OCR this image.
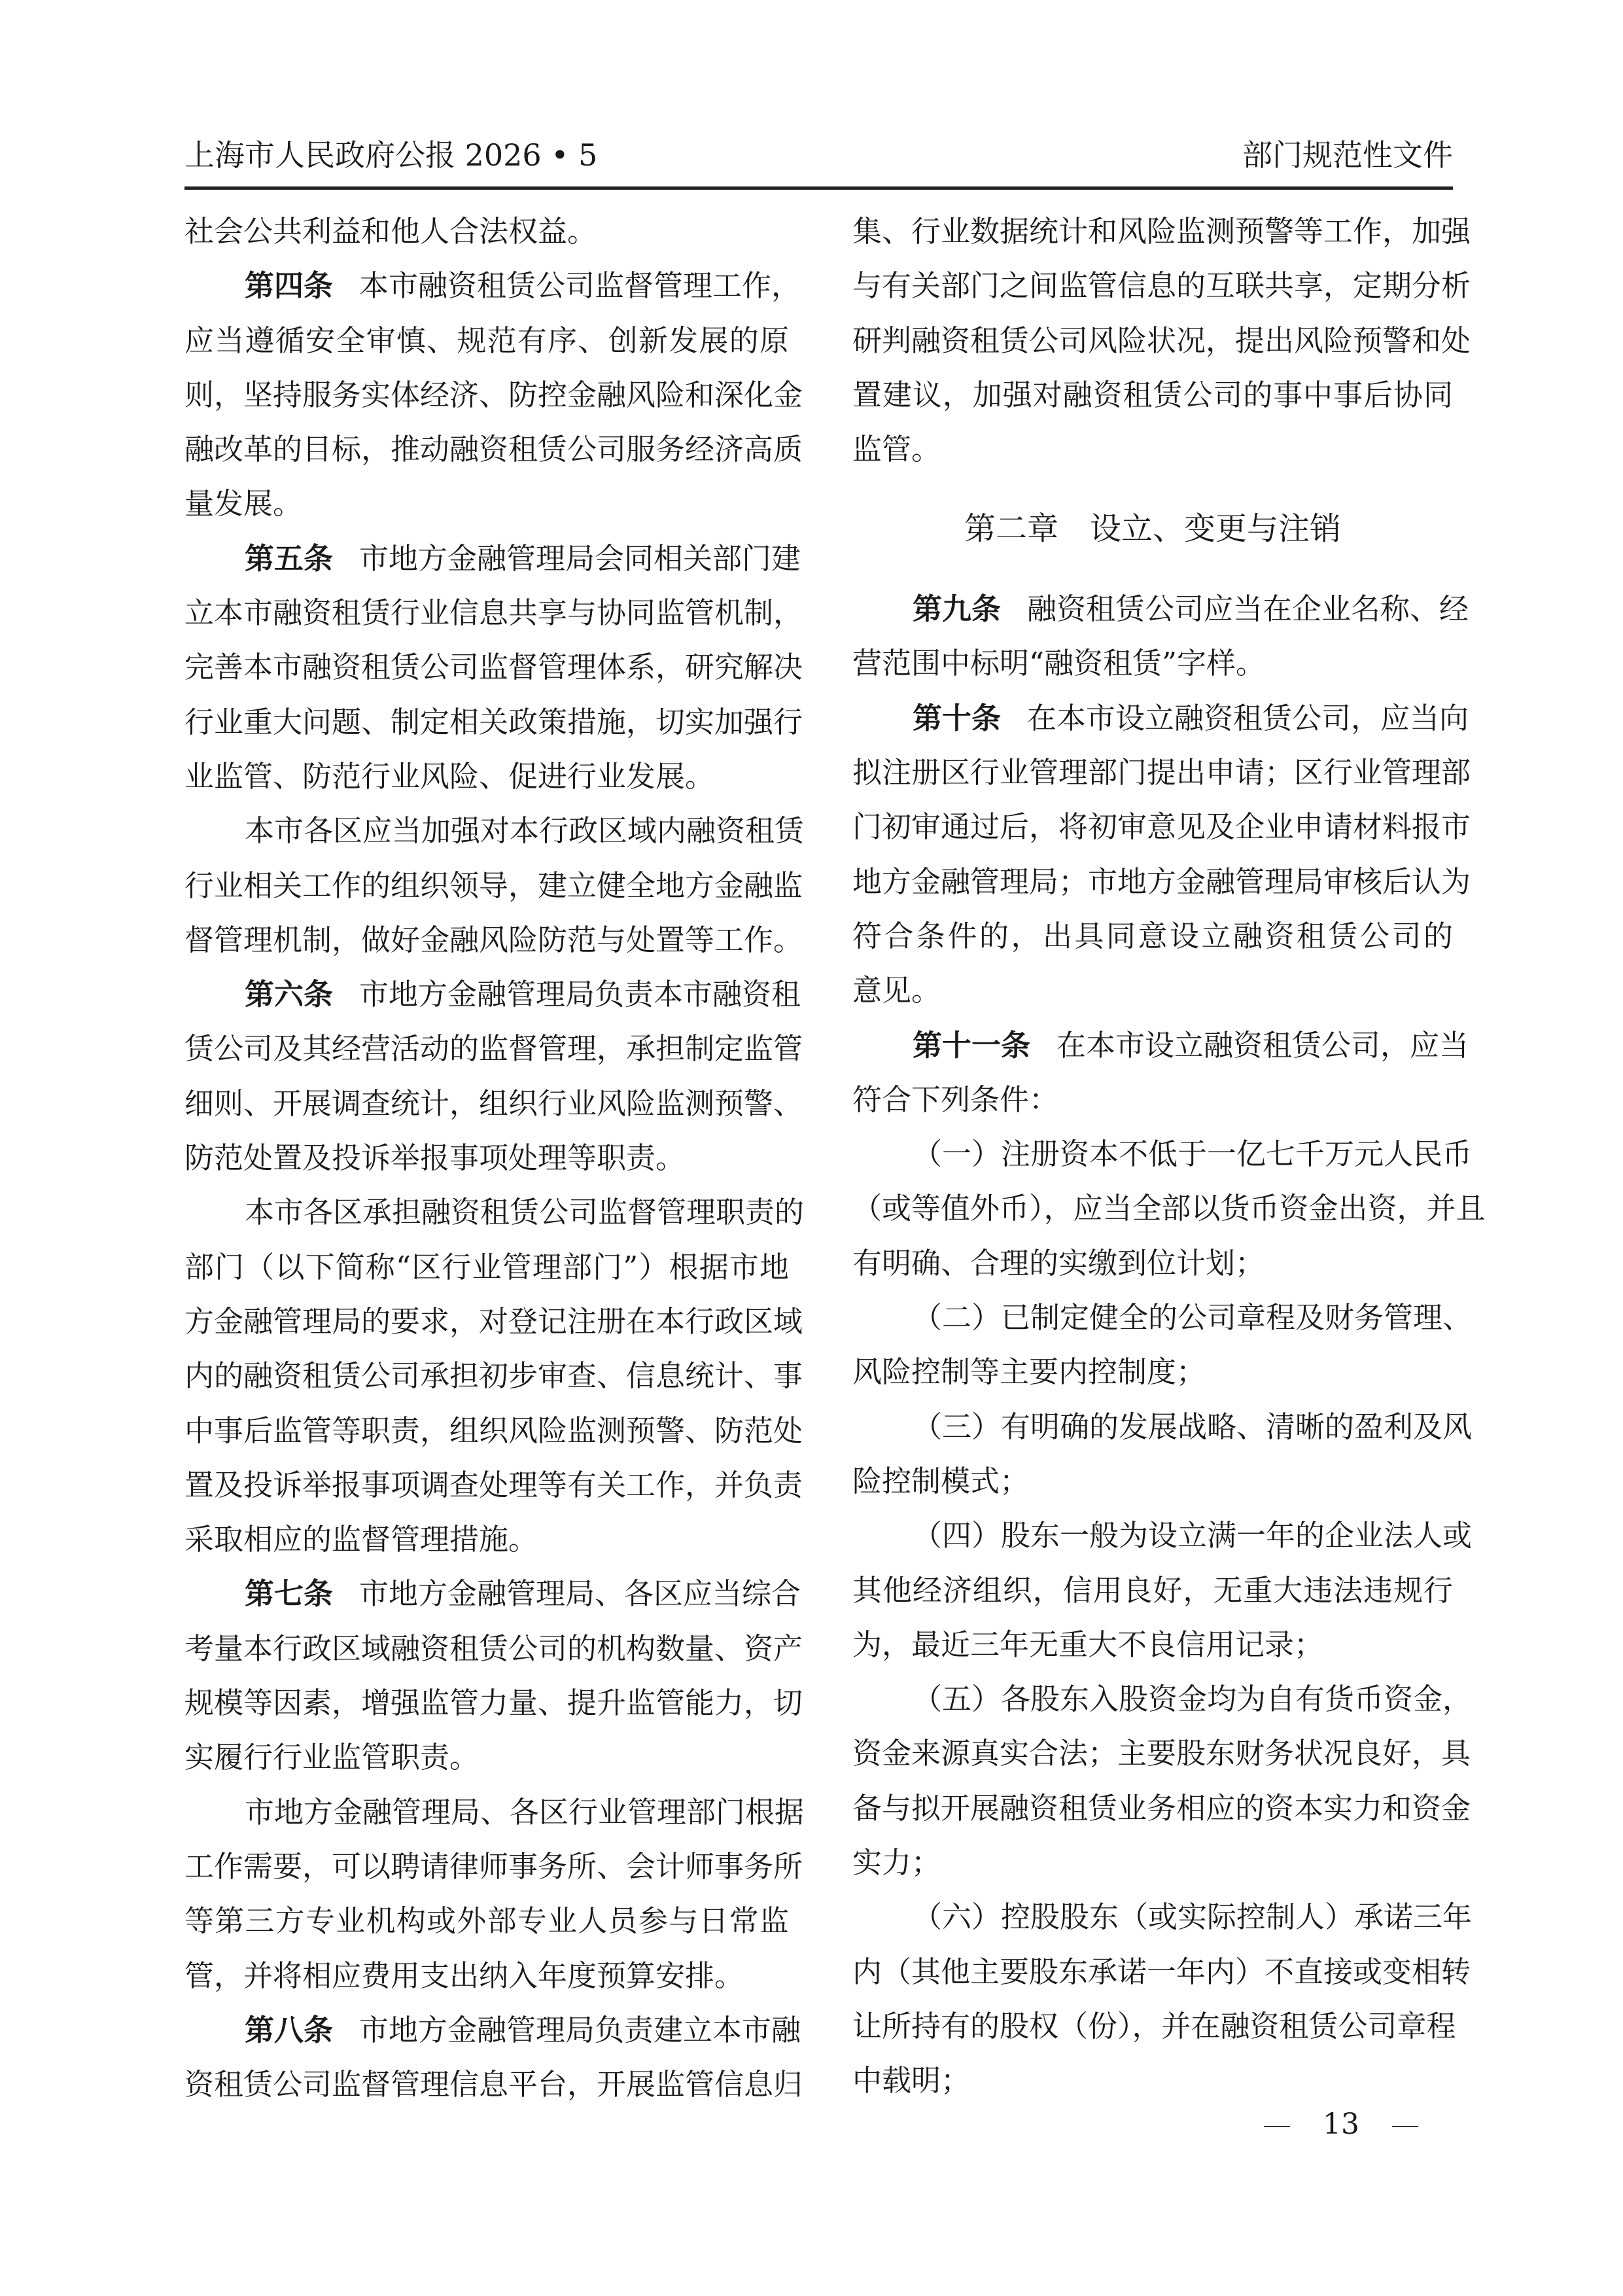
上海市人民政府公报 2026 • 5	部门规范性文件
社会公共利益和他人合法权益。
第四条 本市融资租赁公司监督管理工作，
应当遵循安全审慎、规范有序、创新发展的原
则，坚持服务实体经济、防控金融风险和深化金
融改革的目标，推动融资租赁公司服务经济高质
量发展。
第五条 市地方金融管理局会同相关部门建
立本市融资租赁行业信息共享与协同监管机制，
完善本市融资租赁公司监督管理体系，研究解决
行业重大问题、制定相关政策措施，切实加强行
业监管、防范行业风险、促进行业发展。
本市各区应当加强对本行政区域内融资租赁
行业相关工作的组织领导，建立健全地方金融监
督管理机制，做好金融风险防范与处置等工作。
第六条 市地方金融管理局负责本市融资租
赁公司及其经营活动的监督管理，承担制定监管
细则、开展调查统计，组织行业风险监测预警、
防范处置及投诉举报事项处理等职责。
本市各区承担融资租赁公司监督管理职责的
部门（以下简称“区行业管理部门”）根据市地
方金融管理局的要求，对登记注册在本行政区域
内的融资租赁公司承担初步审查、信息统计、事
中事后监管等职责，组织风险监测预警、防范处
置及投诉举报事项调查处理等有关工作，并负责
采取相应的监督管理措施。
第七条 市地方金融管理局、各区应当综合
考量本行政区域融资租赁公司的机构数量、资产
规模等因素，增强监管力量、提升监管能力，切
实履行行业监管职责。
市地方金融管理局、各区行业管理部门根据
工作需要，可以聘请律师事务所、会计师事务所
等第三方专业机构或外部专业人员参与日常监
管，并将相应费用支出纳入年度预算安排。
第八条 市地方金融管理局负责建立本市融
资租赁公司监督管理信息平台，开展监管信息归
集、行业数据统计和风险监测预警等工作，加强
与有关部门之间监管信息的互联共享，定期分析
研判融资租赁公司风险状况，提出风险预警和处
置建议，加强对融资租赁公司的事中事后协同
监管。
第二章　设立、变更与注销
第九条 融资租赁公司应当在企业名称、经
营范围中标明“融资租赁”字样。
第十条 在本市设立融资租赁公司，应当向
拟注册区行业管理部门提出申请；区行业管理部
门初审通过后，将初审意见及企业申请材料报市
地方金融管理局；市地方金融管理局审核后认为
符合条件的，出具同意设立融资租赁公司的
意见。
第十一条 在本市设立融资租赁公司，应当
符合下列条件：
（一）注册资本不低于一亿七千万元人民币
（或等值外币），应当全部以货币资金出资，并且
有明确、合理的实缴到位计划；
（二）已制定健全的公司章程及财务管理、
风险控制等主要内控制度；
（三）有明确的发展战略、清晰的盈利及风
险控制模式；
（四）股东一般为设立满一年的企业法人或
其他经济组织，信用良好，无重大违法违规行
为，最近三年无重大不良信用记录；
（五）各股东入股资金均为自有货币资金，
资金来源真实合法；主要股东财务状况良好，具
备与拟开展融资租赁业务相应的资本实力和资金
实力；
（六）控股股东（或实际控制人）承诺三年
内（其他主要股东承诺一年内）不直接或变相转
让所持有的股权（份），并在融资租赁公司章程
中载明；
13
